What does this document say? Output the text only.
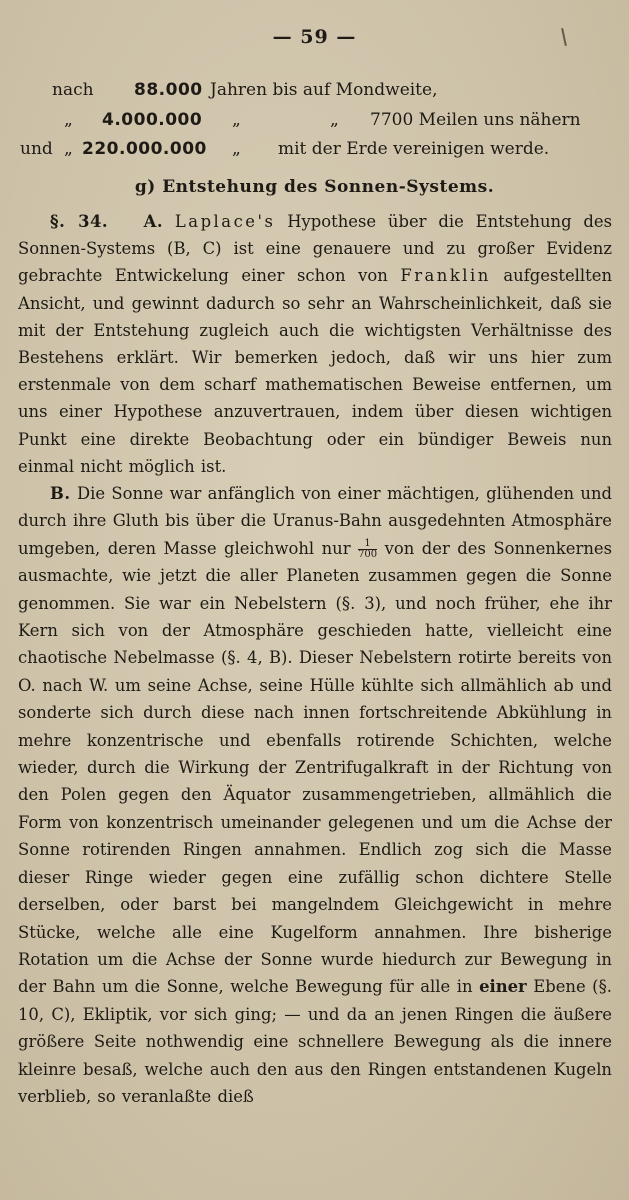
— 59 —
nach 88.000 Jahren bis auf Mondweite,
„ 4.000.000 „	„ 7700 Meilen uns nähern
und „ 220.000.000 „ mit der Erde vereinigen werde.
g) Entstehung des Sonnen-Systems.

§. 34. A. Laplace's Hypothese über die Entstehung des Sonnen-Systems (B, C) ist eine genauere und zu großer Evidenz gebrachte Entwickelung einer schon von Franklin aufgestellten Ansicht, und gewinnt dadurch so sehr an Wahrscheinlichkeit, daß sie mit der Entstehung zugleich auch die wichtigsten Verhältnisse des Bestehens erklärt. Wir bemerken jedoch, daß wir uns hier zum erstenmale von dem scharf mathematischen Beweise entfernen, um uns einer Hypothese anzuvertrauen, indem über diesen wichtigen Punkt eine direkte Beobachtung oder ein bündiger Beweis nun einmal nicht möglich ist.

B. Die Sonne war anfänglich von einer mächtigen, glühenden und durch ihre Gluth bis über die Uranus-Bahn ausgedehnten Atmosphäre umgeben, deren Masse gleichwohl nur $\frac{1}{700}$ von der des Sonnenkernes ausmachte, wie jetzt die aller Planeten zusammen gegen die Sonne genommen. Sie war ein Nebelstern (§. 3), und noch früher, ehe ihr Kern sich von der Atmosphäre geschieden hatte, vielleicht eine chaotische Nebelmasse (§. 4, B). Dieser Nebelstern rotirte bereits von O. nach W. um seine Achse, seine Hülle kühlte sich allmählich ab und sonderte sich durch diese nach innen fortschreitende Abkühlung in mehre konzentrische und ebenfalls rotirende Schichten, welche wieder, durch die Wirkung der Zentrifugalkraft in der Richtung von den Polen gegen den Äquator zusammengetrieben, allmählich die Form von konzentrisch umeinander gelegenen und um die Achse der Sonne rotirenden Ringen annahmen. Endlich zog sich die Masse dieser Ringe wieder gegen eine zufällig schon dichtere Stelle derselben, oder barst bei mangelndem Gleichgewicht in mehre Stücke, welche alle eine Kugelform annahmen. Ihre bisherige Rotation um die Achse der Sonne wurde hiedurch zur Bewegung in der Bahn um die Sonne, welche Bewegung für alle in einer Ebene (§. 10, C), Ekliptik, vor sich ging; — und da an jenen Ringen die äußere größere Seite nothwendig eine schnellere Bewegung als die innere kleinre besaß, welche auch den aus den Ringen entstandenen Kugeln verblieb, so veranlaßte dieß
